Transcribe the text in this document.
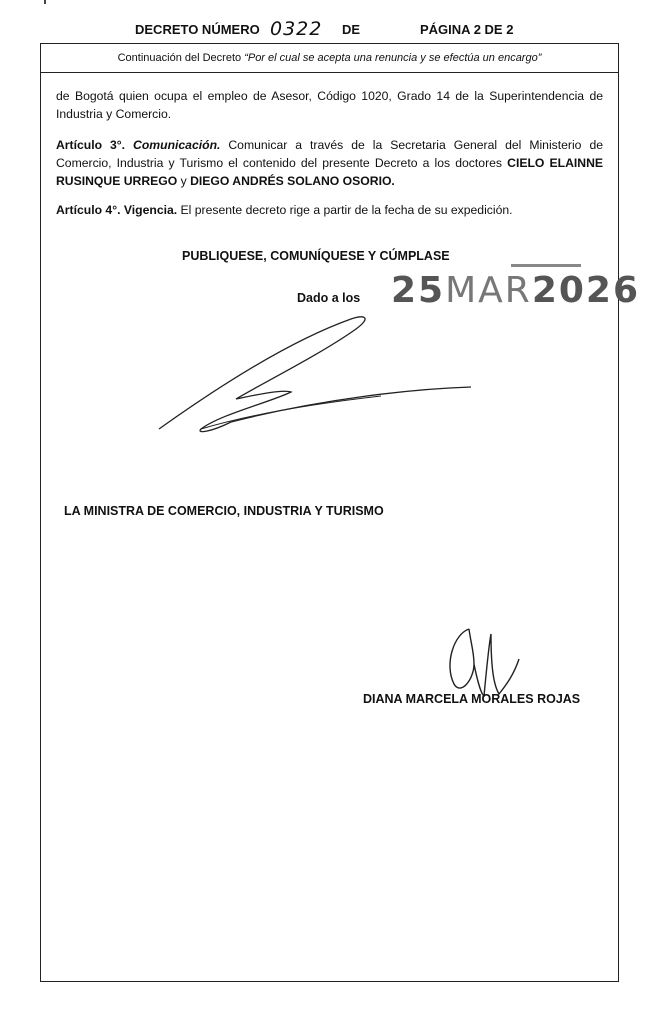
DECRETO NÚMERO 0322 DE	PÁGINA 2 DE 2
Continuación del Decreto “Por el cual se acepta una renuncia y se efectúa un encargo”
de Bogotá quien ocupa el empleo de Asesor, Código 1020, Grado 14 de la Superintendencia de Industria y Comercio.
Artículo 3°. Comunicación. Comunicar a través de la Secretaria General del Ministerio de Comercio, Industria y Turismo el contenido del presente Decreto a los doctores CIELO ELAINNE RUSINQUE URREGO y DIEGO ANDRÉS SOLANO OSORIO.
Artículo 4°. Vigencia. El presente decreto rige a partir de la fecha de su expedición.
PUBLIQUESE, COMUNÍQUESE Y CÚMPLASE
Dado a los 25MAR2026
LA MINISTRA DE COMERCIO, INDUSTRIA Y TURISMO
DIANA MARCELA MORALES ROJAS
